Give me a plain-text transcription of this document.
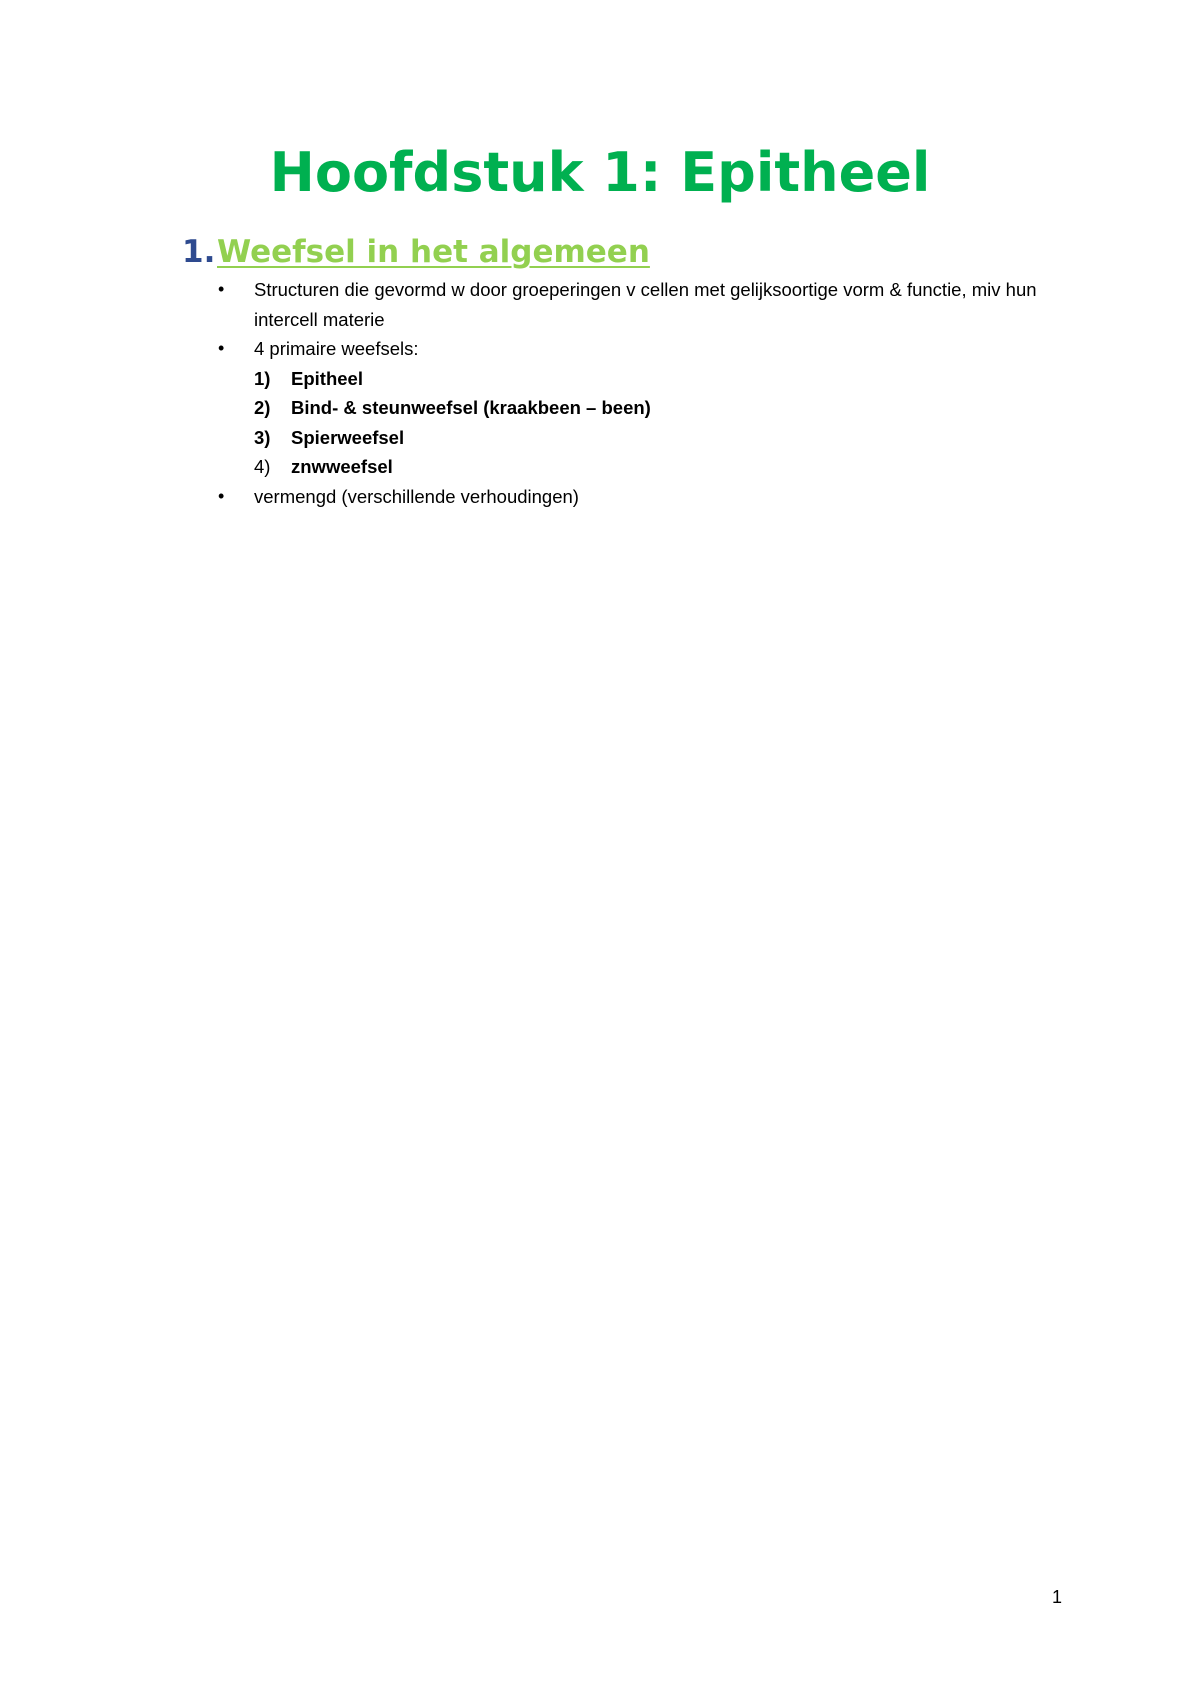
Hoofdstuk 1: Epitheel
1.Weefsel in het algemeen
•	Structuren die gevormd w door groeperingen v cellen met gelijksoortige vorm & functie, miv hun intercell materie
•	4 primaire weefsels:
1)	Epitheel
2)	Bind- & steunweefsel (kraakbeen – been)
3)	Spierweefsel
4)	znwweefsel
•	vermengd (verschillende verhoudingen)
1
